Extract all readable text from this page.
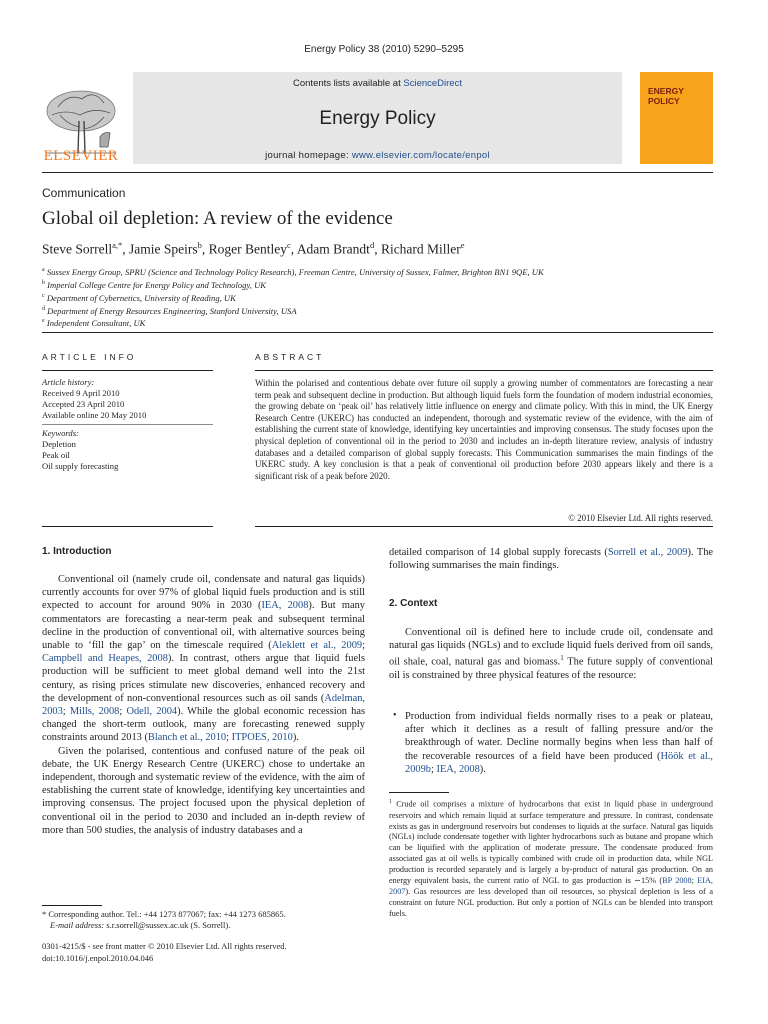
Energy Policy 38 (2010) 5290–5295
ELSEVIER
Contents lists available at ScienceDirect
Energy Policy
journal homepage: www.elsevier.com/locate/enpol
ENERGY
POLICY
Communication
Global oil depletion: A review of the evidence
Steve Sorrell$^{a,*}$, Jamie Speirs$^b$, Roger Bentley$^c$, Adam Brandt$^d$, Richard Miller$^e$
$^a$ Sussex Energy Group, SPRU (Science and Technology Policy Research), Freeman Centre, University of Sussex, Falmer, Brighton BN1 9QE, UK
$^b$ Imperial College Centre for Energy Policy and Technology, UK
$^c$ Department of Cybernetics, University of Reading, UK
$^d$ Department of Energy Resources Engineering, Stanford University, USA
$^e$ Independent Consultant, UK
ARTICLE INFO	ABSTRACT
Article history:
Received 9 April 2010
Accepted 23 April 2010
Available online 20 May 2010
Keywords:
Depletion
Peak oil
Oil supply forecasting
Within the polarised and contentious debate over future oil supply a growing number of commentators are forecasting a near term peak and subsequent decline in production. But although liquid fuels form the foundation of modern industrial economies, the growing debate on ‘peak oil’ has relatively little influence on energy and climate policy. With this in mind, the UK Energy Research Centre (UKERC) has conducted an independent, thorough and systematic review of the evidence, with the aim of establishing the current state of knowledge, identifying key uncertainties and improving consensus. The study focuses upon the physical depletion of conventional oil in the period to 2030 and includes an in-depth literature review, analysis of industry databases and a detailed comparison of global supply forecasts. This Communication summarises the main findings of the UKERC study. A key conclusion is that a peak of conventional oil production before 2030 appears likely and there is a significant risk of a peak before 2020.
© 2010 Elsevier Ltd. All rights reserved.
1. Introduction

Conventional oil (namely crude oil, condensate and natural gas liquids) currently accounts for over 97% of global liquid fuels production and is still expected to account for around 90% in 2030 (IEA, 2008). But many commentators are forecasting a near-term peak and subsequent terminal decline in the production of conventional oil, with alternative sources being unable to ‘fill the gap’ on the timescale required (Aleklett et al., 2009; Campbell and Heapes, 2008). In contrast, others argue that liquid fuels production will be sufficient to meet global demand well into the 21st century, as rising prices stimulate new discoveries, enhanced recovery and the development of non-conventional resources such as oil sands (Adelman, 2003; Mills, 2008; Odell, 2004). While the global economic recession has changed the short-term outlook, many are forecasting renewed supply constraints around 2013 (Blanch et al., 2010; ITPOES, 2010).

Given the polarised, contentious and confused nature of the peak oil debate, the UK Energy Research Centre (UKERC) chose to undertake an independent, thorough and systematic review of the evidence, with the aim of establishing the current state of knowledge, identifying key uncertainties and improving consensus. The project focused upon the physical depletion of conventional oil in the period to 2030 and included an in-depth review of more than 500 studies, the analysis of industry databases and a

* Corresponding author. Tel.: +44 1273 877067; fax: +44 1273 685865.
E-mail address: s.r.sorrell@sussex.ac.uk (S. Sorrell).
0301-4215/$ - see front matter © 2010 Elsevier Ltd. All rights reserved.
doi:10.1016/j.enpol.2010.04.046
detailed comparison of 14 global supply forecasts (Sorrell et al., 2009). The following summarises the main findings.
2. Context

Conventional oil is defined here to include crude oil, condensate and natural gas liquids (NGLs) and to exclude liquid fuels derived from oil sands, oil shale, coal, natural gas and biomass.$^1$ The future supply of conventional oil is constrained by three physical features of the resource:

• Production from individual fields normally rises to a peak or plateau, after which it declines as a result of falling pressure and/or the breakthrough of water. Decline normally begins when less than half of the recoverable resources of a field have been produced (Höök et al., 2009b; IEA, 2008).
$^1$ Crude oil comprises a mixture of hydrocarbons that exist in liquid phase in underground reservoirs and which remain liquid at surface temperature and pressure. In contrast, condensate exists as gas in underground reservoirs but condenses to liquids at the surface. Natural gas liquids (NGLs) include condensate together with lighter hydrocarbons such as butane and propane which can be liquified with the application of moderate pressure. The condensate produced from associated gas at oil wells is typically combined with crude oil in production data, while NGL production is recorded separately and is largely a by-product of natural gas production. On an energy equivalent basis, the current ratio of NGL to gas production is ∼15% (BP 2008; EIA, 2007). Gas resources are less developed than oil resources, so physical depletion is less of a constraint on future NGL production. But only a portion of NGLs can be blended into transport fuels.
